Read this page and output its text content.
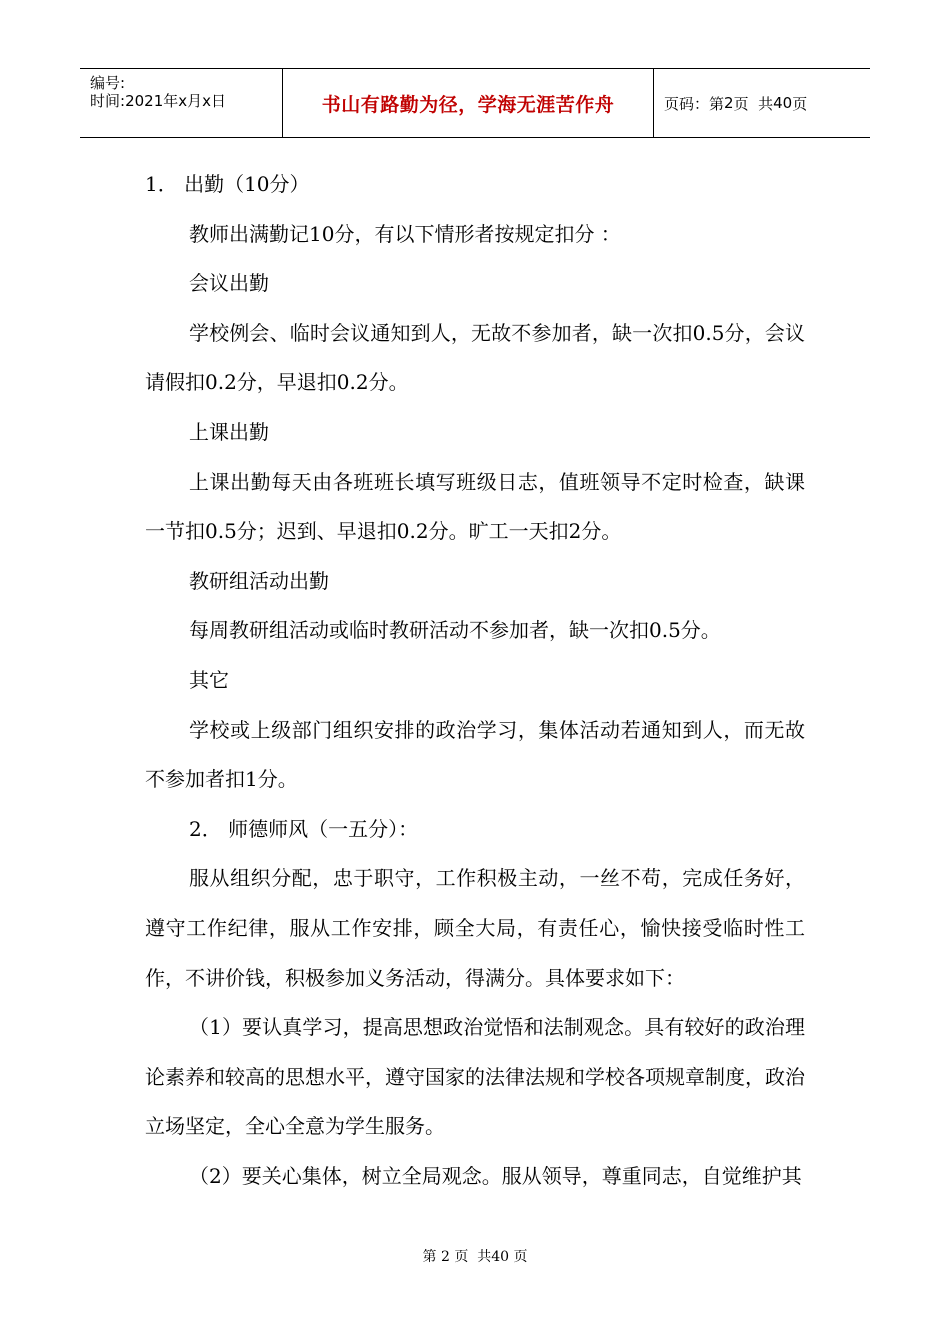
编号:
时间:2021年x月x日	书山有路勤为径，学海无涯苦作舟	页码：第 2 页  共 40 页

1． 出勤（10分）

教师出满勤记10分，有以下情形者按规定扣分 ：

会议出勤

学校例会、临时会议通知到人，无故不参加者，缺一次扣0.5分，会议请假扣0.2分，早退扣0.2分。

上课出勤

上课出勤每天由各班班长填写班级日志，值班领导不定时检查，缺课一节扣0.5分；迟到、早退扣0.2分。旷工一天扣2分。

教研组活动出勤

每周教研组活动或临时教研活动不参加者，缺一次扣0.5分。

其它

学校或上级部门组织安排的政治学习，集体活动若通知到人，而无故不参加者扣1分。

2． 师德师风（一五分）：

服从组织分配，忠于职守，工作积极主动，一丝不苟，完成任务好，遵守工作纪律，服从工作安排，顾全大局，有责任心，愉快接受临时性工作，不讲价钱，积极参加义务活动，得满分。具体要求如下：

（1）要认真学习，提高思想政治觉悟和法制观念。具有较好的政治理论素养和较高的思想水平，遵守国家的法律法规和学校各项规章制度，政治立场坚定，全心全意为学生服务。

（2）要关心集体，树立全局观念。服从领导，尊重同志，自觉维护其

第 2 页  共40 页
